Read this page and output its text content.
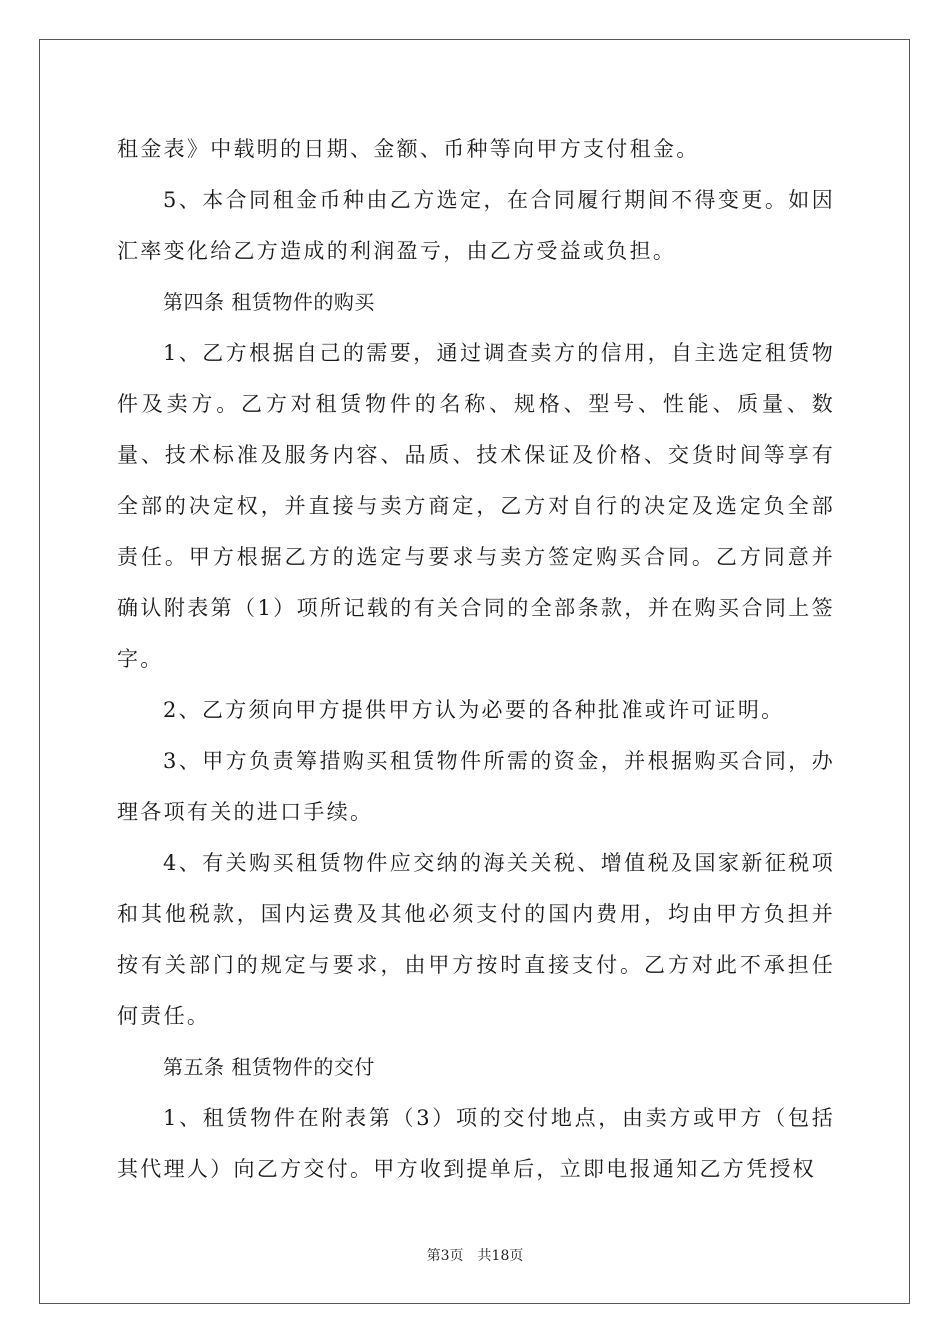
租金表》中载明的日期、金额、币种等向甲方支付租金。

5、本合同租金币种由乙方选定，在合同履行期间不得变更。如因汇率变化给乙方造成的利润盈亏，由乙方受益或负担。

第四条 租赁物件的购买

1、乙方根据自己的需要，通过调查卖方的信用，自主选定租赁物件及卖方。乙方对租赁物件的名称、规格、型号、性能、质量、数量、技术标准及服务内容、品质、技术保证及价格、交货时间等享有全部的决定权，并直接与卖方商定，乙方对自行的决定及选定负全部责任。甲方根据乙方的选定与要求与卖方签定购买合同。乙方同意并确认附表第（1）项所记载的有关合同的全部条款，并在购买合同上签字。

2、乙方须向甲方提供甲方认为必要的各种批准或许可证明。

3、甲方负责筹措购买租赁物件所需的资金，并根据购买合同，办理各项有关的进口手续。

4、有关购买租赁物件应交纳的海关关税、增值税及国家新征税项和其他税款，国内运费及其他必须支付的国内费用，均由甲方负担并按有关部门的规定与要求，由甲方按时直接支付。乙方对此不承担任何责任。

第五条 租赁物件的交付

1、租赁物件在附表第（3）项的交付地点，由卖方或甲方（包括其代理人）向乙方交付。甲方收到提单后，立即电报通知乙方凭授权

第3页 共18页
